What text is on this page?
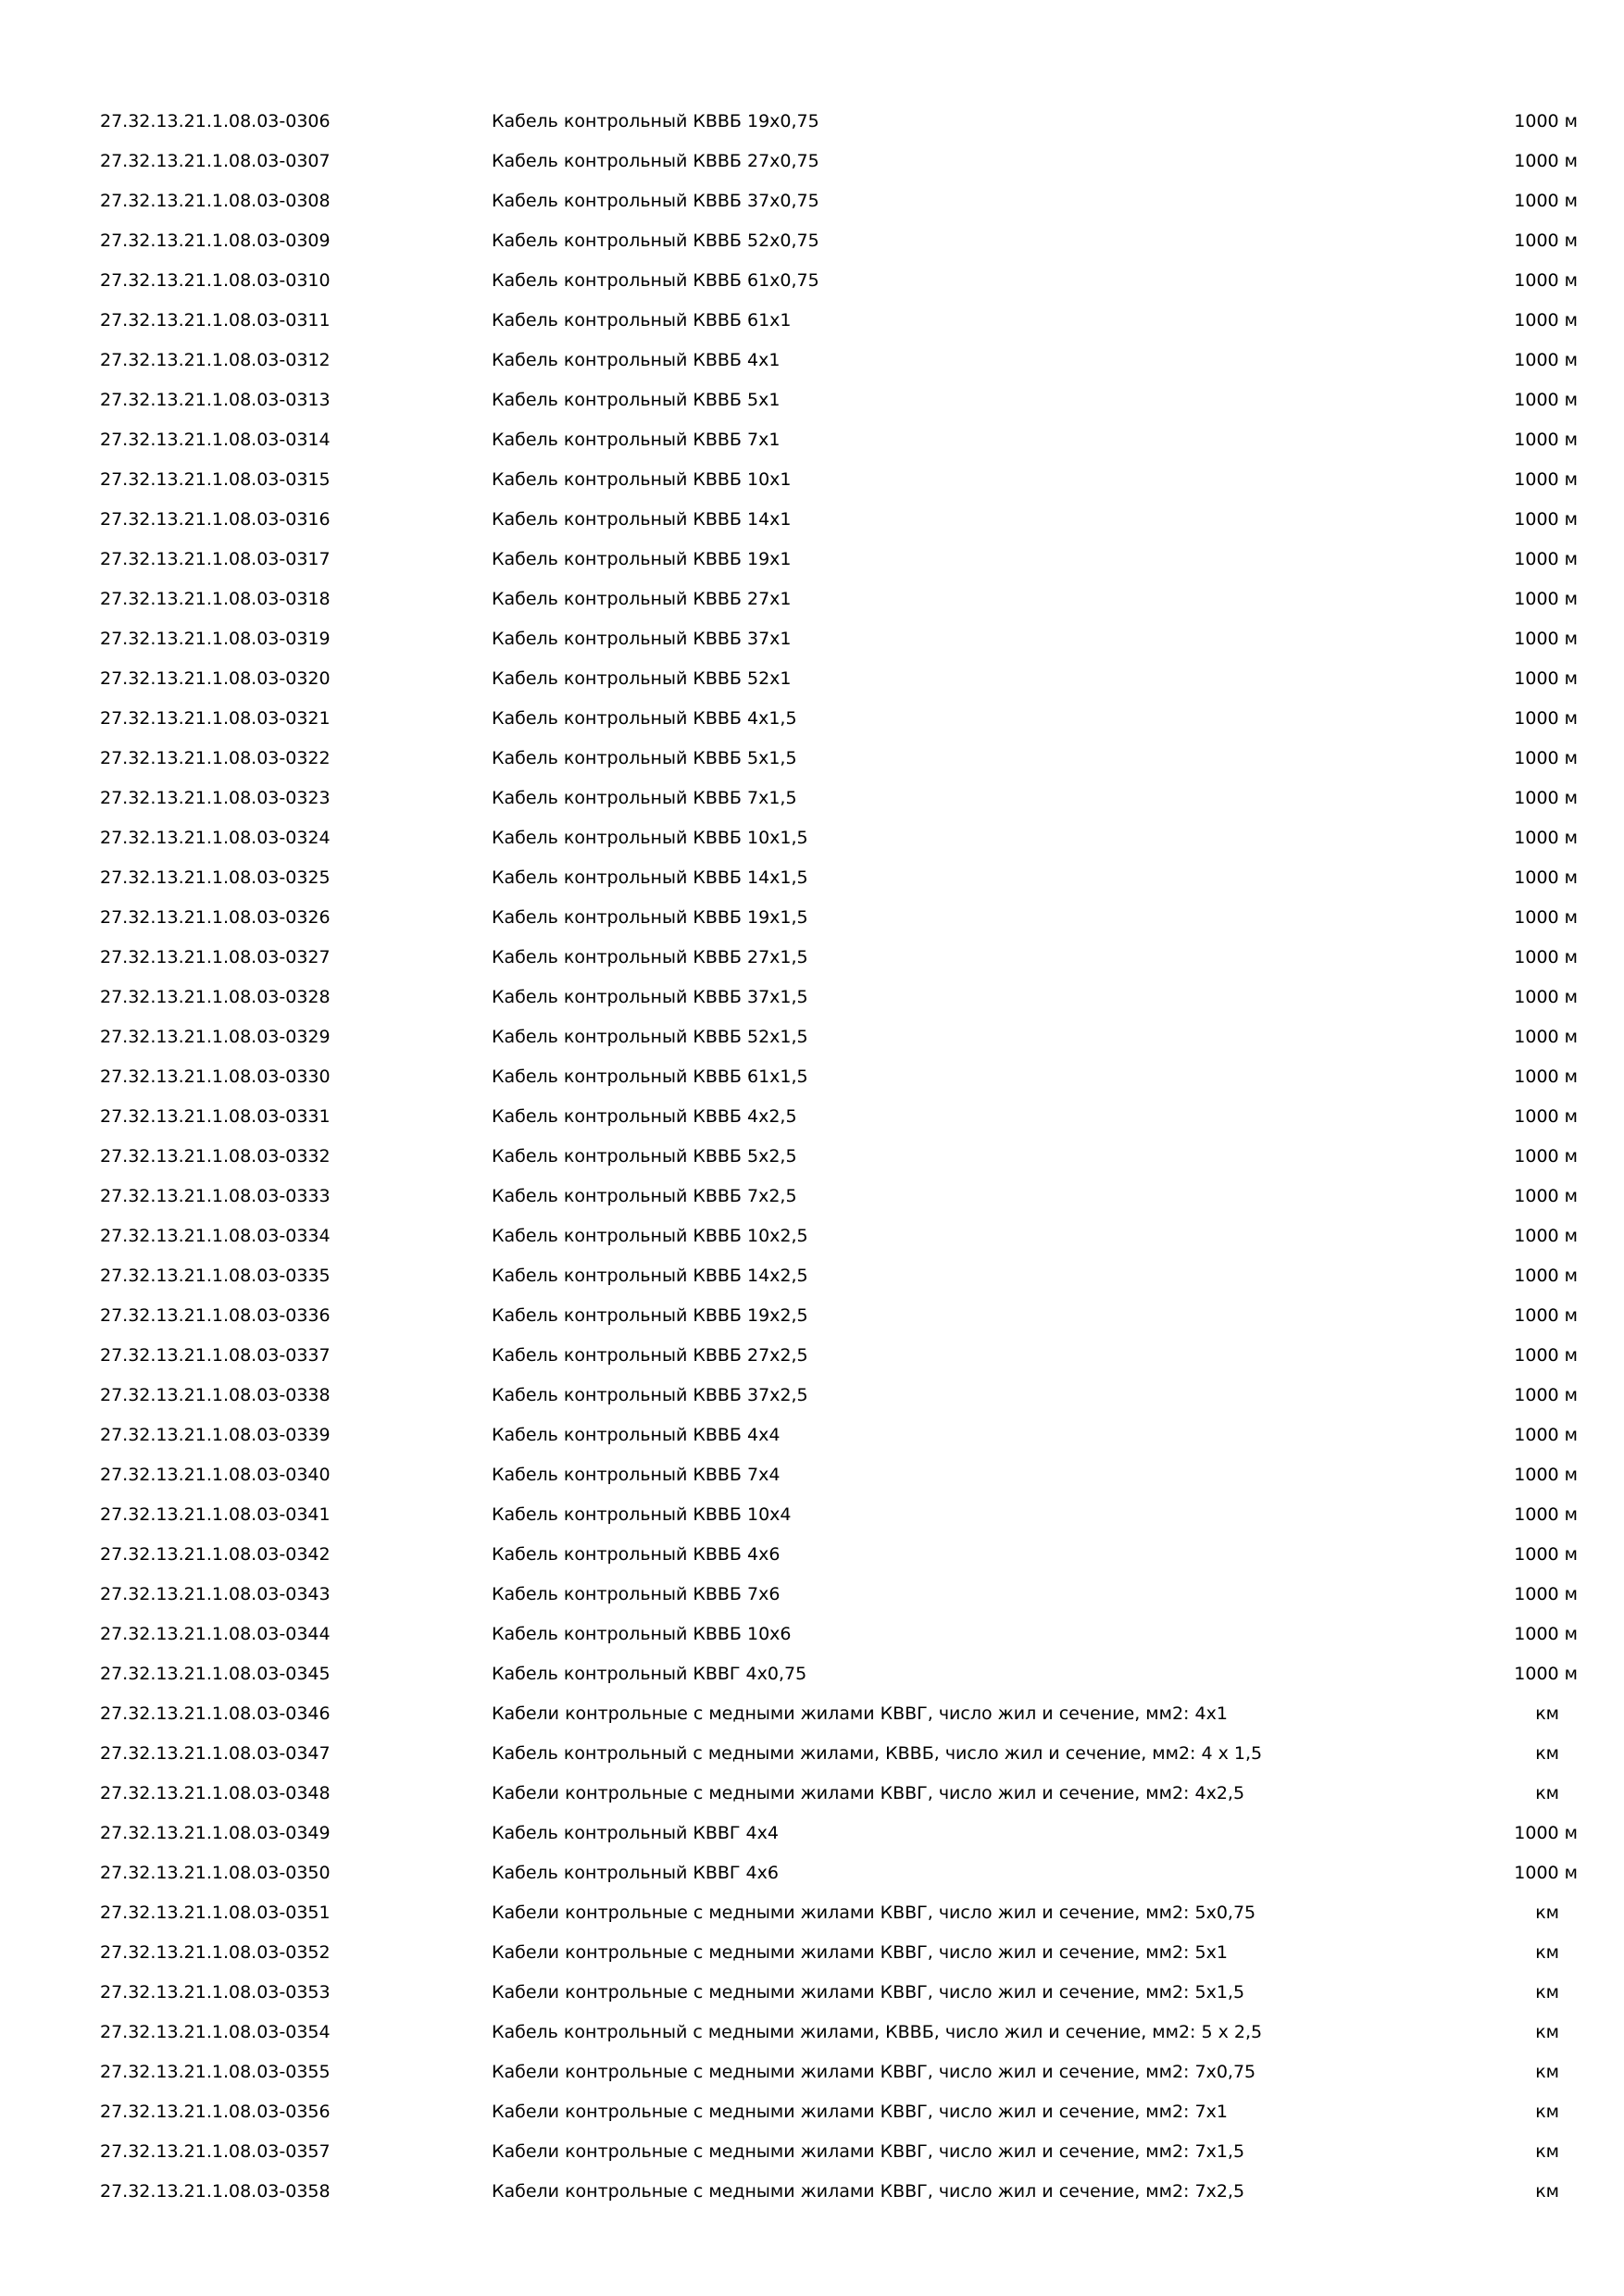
27.32.13.21.1.08.03-0306	Кабель контрольный КВВБ 19х0,75	1000 м
27.32.13.21.1.08.03-0307	Кабель контрольный КВВБ 27х0,75	1000 м
27.32.13.21.1.08.03-0308	Кабель контрольный КВВБ 37х0,75	1000 м
27.32.13.21.1.08.03-0309	Кабель контрольный КВВБ 52х0,75	1000 м
27.32.13.21.1.08.03-0310	Кабель контрольный КВВБ 61х0,75	1000 м
27.32.13.21.1.08.03-0311	Кабель контрольный КВВБ 61х1	1000 м
27.32.13.21.1.08.03-0312	Кабель контрольный КВВБ 4х1	1000 м
27.32.13.21.1.08.03-0313	Кабель контрольный КВВБ 5х1	1000 м
27.32.13.21.1.08.03-0314	Кабель контрольный КВВБ 7х1	1000 м
27.32.13.21.1.08.03-0315	Кабель контрольный КВВБ 10х1	1000 м
27.32.13.21.1.08.03-0316	Кабель контрольный КВВБ 14х1	1000 м
27.32.13.21.1.08.03-0317	Кабель контрольный КВВБ 19х1	1000 м
27.32.13.21.1.08.03-0318	Кабель контрольный КВВБ 27х1	1000 м
27.32.13.21.1.08.03-0319	Кабель контрольный КВВБ 37х1	1000 м
27.32.13.21.1.08.03-0320	Кабель контрольный КВВБ 52х1	1000 м
27.32.13.21.1.08.03-0321	Кабель контрольный КВВБ 4х1,5	1000 м
27.32.13.21.1.08.03-0322	Кабель контрольный КВВБ 5х1,5	1000 м
27.32.13.21.1.08.03-0323	Кабель контрольный КВВБ 7х1,5	1000 м
27.32.13.21.1.08.03-0324	Кабель контрольный КВВБ 10х1,5	1000 м
27.32.13.21.1.08.03-0325	Кабель контрольный КВВБ 14х1,5	1000 м
27.32.13.21.1.08.03-0326	Кабель контрольный КВВБ 19х1,5	1000 м
27.32.13.21.1.08.03-0327	Кабель контрольный КВВБ 27х1,5	1000 м
27.32.13.21.1.08.03-0328	Кабель контрольный КВВБ 37х1,5	1000 м
27.32.13.21.1.08.03-0329	Кабель контрольный КВВБ 52х1,5	1000 м
27.32.13.21.1.08.03-0330	Кабель контрольный КВВБ 61х1,5	1000 м
27.32.13.21.1.08.03-0331	Кабель контрольный КВВБ 4х2,5	1000 м
27.32.13.21.1.08.03-0332	Кабель контрольный КВВБ 5х2,5	1000 м
27.32.13.21.1.08.03-0333	Кабель контрольный КВВБ 7х2,5	1000 м
27.32.13.21.1.08.03-0334	Кабель контрольный КВВБ 10х2,5	1000 м
27.32.13.21.1.08.03-0335	Кабель контрольный КВВБ 14х2,5	1000 м
27.32.13.21.1.08.03-0336	Кабель контрольный КВВБ 19х2,5	1000 м
27.32.13.21.1.08.03-0337	Кабель контрольный КВВБ 27х2,5	1000 м
27.32.13.21.1.08.03-0338	Кабель контрольный КВВБ 37х2,5	1000 м
27.32.13.21.1.08.03-0339	Кабель контрольный КВВБ 4х4	1000 м
27.32.13.21.1.08.03-0340	Кабель контрольный КВВБ 7х4	1000 м
27.32.13.21.1.08.03-0341	Кабель контрольный КВВБ 10х4	1000 м
27.32.13.21.1.08.03-0342	Кабель контрольный КВВБ 4х6	1000 м
27.32.13.21.1.08.03-0343	Кабель контрольный КВВБ 7х6	1000 м
27.32.13.21.1.08.03-0344	Кабель контрольный КВВБ 10х6	1000 м
27.32.13.21.1.08.03-0345	Кабель контрольный КВВГ 4х0,75	1000 м
27.32.13.21.1.08.03-0346	Кабели контрольные с медными жилами КВВГ, число жил и сечение, мм2: 4х1	км
27.32.13.21.1.08.03-0347	Кабель контрольный с медными жилами, КВВБ, число жил и сечение, мм2: 4 х 1,5	км
27.32.13.21.1.08.03-0348	Кабели контрольные с медными жилами КВВГ, число жил и сечение, мм2: 4х2,5	км
27.32.13.21.1.08.03-0349	Кабель контрольный КВВГ 4х4	1000 м
27.32.13.21.1.08.03-0350	Кабель контрольный КВВГ 4х6	1000 м
27.32.13.21.1.08.03-0351	Кабели контрольные с медными жилами КВВГ, число жил и сечение, мм2: 5х0,75	км
27.32.13.21.1.08.03-0352	Кабели контрольные с медными жилами КВВГ, число жил и сечение, мм2: 5х1	км
27.32.13.21.1.08.03-0353	Кабели контрольные с медными жилами КВВГ, число жил и сечение, мм2: 5х1,5	км
27.32.13.21.1.08.03-0354	Кабель контрольный с медными жилами, КВВБ, число жил и сечение, мм2: 5 х 2,5	км
27.32.13.21.1.08.03-0355	Кабели контрольные с медными жилами КВВГ, число жил и сечение, мм2: 7х0,75	км
27.32.13.21.1.08.03-0356	Кабели контрольные с медными жилами КВВГ, число жил и сечение, мм2: 7х1	км
27.32.13.21.1.08.03-0357	Кабели контрольные с медными жилами КВВГ, число жил и сечение, мм2: 7х1,5	км
27.32.13.21.1.08.03-0358	Кабели контрольные с медными жилами КВВГ, число жил и сечение, мм2: 7х2,5	км
